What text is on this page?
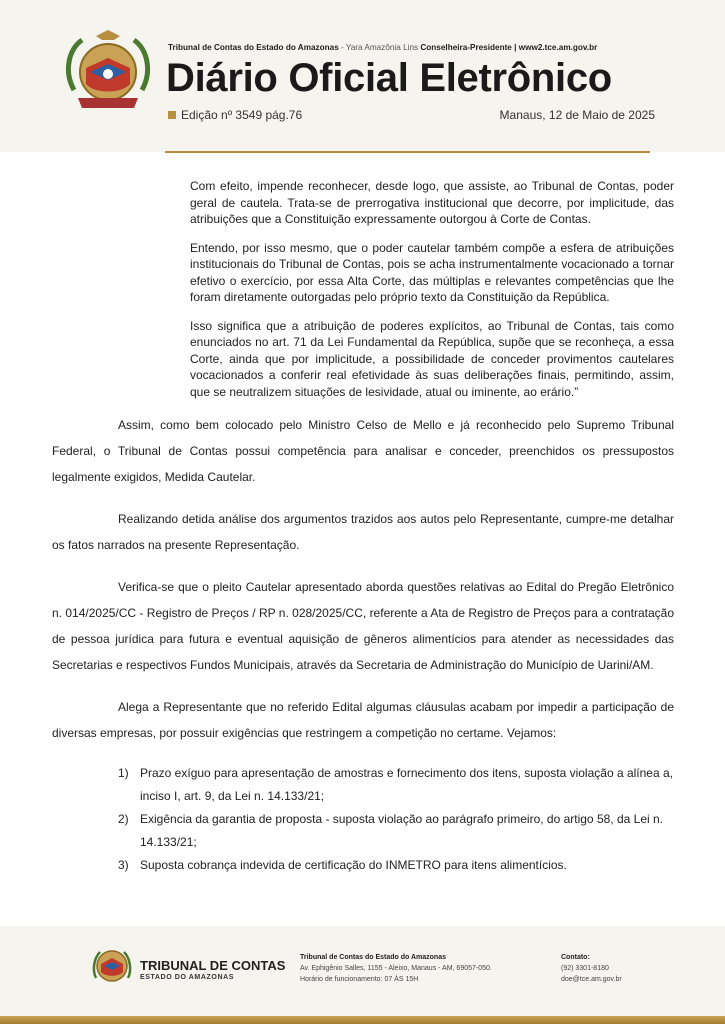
Tribunal de Contas do Estado do Amazonas - Yara Amazônia Lins Conselheira-Presidente | www2.tce.am.gov.br
Diário Oficial Eletrônico
Edição nº 3549 pág.76	Manaus, 12 de Maio de 2025

Com efeito, impende reconhecer, desde logo, que assiste, ao Tribunal de Contas, poder geral de cautela. Trata-se de prerrogativa institucional que decorre, por implicitude, das atribuições que a Constituição expressamente outorgou à Corte de Contas.

Entendo, por isso mesmo, que o poder cautelar também compõe a esfera de atribuições institucionais do Tribunal de Contas, pois se acha instrumentalmente vocacionado a tornar efetivo o exercício, por essa Alta Corte, das múltiplas e relevantes competências que lhe foram diretamente outorgadas pelo próprio texto da Constituição da República.

Isso significa que a atribuição de poderes explícitos, ao Tribunal de Contas, tais como enunciados no art. 71 da Lei Fundamental da República, supõe que se reconheça, a essa Corte, ainda que por implicitude, a possibilidade de conceder provimentos cautelares vocacionados a conferir real efetividade às suas deliberações finais, permitindo, assim, que se neutralizem situações de lesividade, atual ou iminente, ao erário.”

Assim, como bem colocado pelo Ministro Celso de Mello e já reconhecido pelo Supremo Tribunal Federal, o Tribunal de Contas possui competência para analisar e conceder, preenchidos os pressupostos legalmente exigidos, Medida Cautelar.

Realizando detida análise dos argumentos trazidos aos autos pelo Representante, cumpre-me detalhar os fatos narrados na presente Representação.

Verifica-se que o pleito Cautelar apresentado aborda questões relativas ao Edital do Pregão Eletrônico n. 014/2025/CC - Registro de Preços / RP n. 028/2025/CC, referente a Ata de Registro de Preços para a contratação de pessoa jurídica para futura e eventual aquisição de gêneros alimentícios para atender as necessidades das Secretarias e respectivos Fundos Municipais, através da Secretaria de Administração do Município de Uarini/AM.

Alega a Representante que no referido Edital algumas cláusulas acabam por impedir a participação de diversas empresas, por possuir exigências que restringem a competição no certame. Vejamos:

1) Prazo exíguo para apresentação de amostras e fornecimento dos itens, suposta violação a alínea a, inciso I, art. 9, da Lei n. 14.133/21;
2) Exigência da garantia de proposta - suposta violação ao parágrafo primeiro, do artigo 58, da Lei n. 14.133/21;
3) Suposta cobrança indevida de certificação do INMETRO para itens alimentícios.
TRIBUNAL DE CONTAS
ESTADO DO AMAZONAS
Tribunal de Contas do Estado do Amazonas
Av. Ephigênio Salles, 1155 - Aleixo, Manaus - AM, 69057-050.
Horário de funcionamento: 07 ÀS 15H
Contato:
(92) 3301-8180
doe@tce.am.gov.br
